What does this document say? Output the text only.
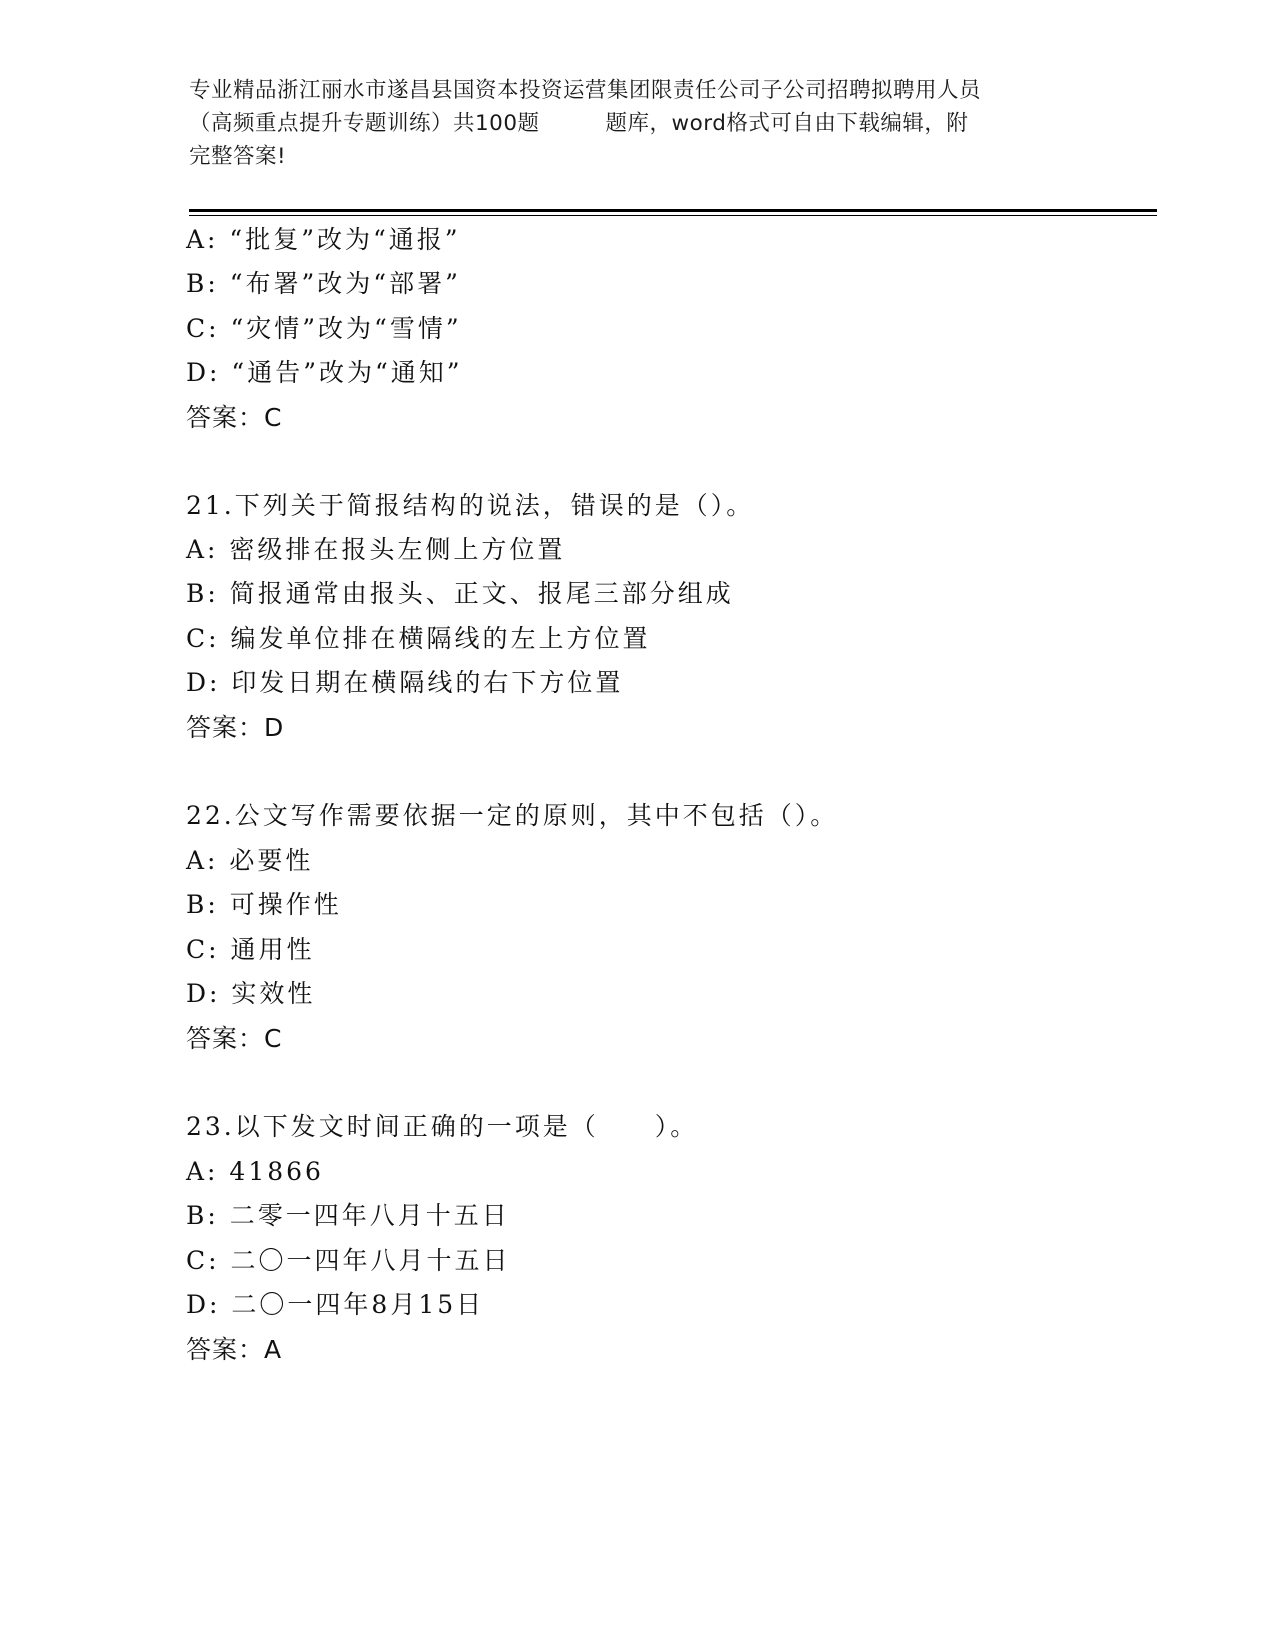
专业精品浙江丽水市遂昌县国资本投资运营集团限责任公司子公司招聘拟聘用人员
（高频重点提升专题训练）共100题　　　题库，word格式可自由下载编辑，附
完整答案!
A: “批复”改为“通报”
B: “布署”改为“部署”
C: “灾情”改为“雪情”
D: “通告”改为“通知”
答案：C
21.下列关于简报结构的说法，错误的是（）。
A: 密级排在报头左侧上方位置
B: 简报通常由报头、正文、报尾三部分组成
C: 编发单位排在横隔线的左上方位置
D: 印发日期在横隔线的右下方位置
答案：D
22.公文写作需要依据一定的原则，其中不包括（）。
A: 必要性
B: 可操作性
C: 通用性
D: 实效性
答案：C
23.以下发文时间正确的一项是（　　）。
A: 41866
B: 二零一四年八月十五日
C: 二〇一四年八月十五日
D: 二〇一四年8月15日
答案：A
